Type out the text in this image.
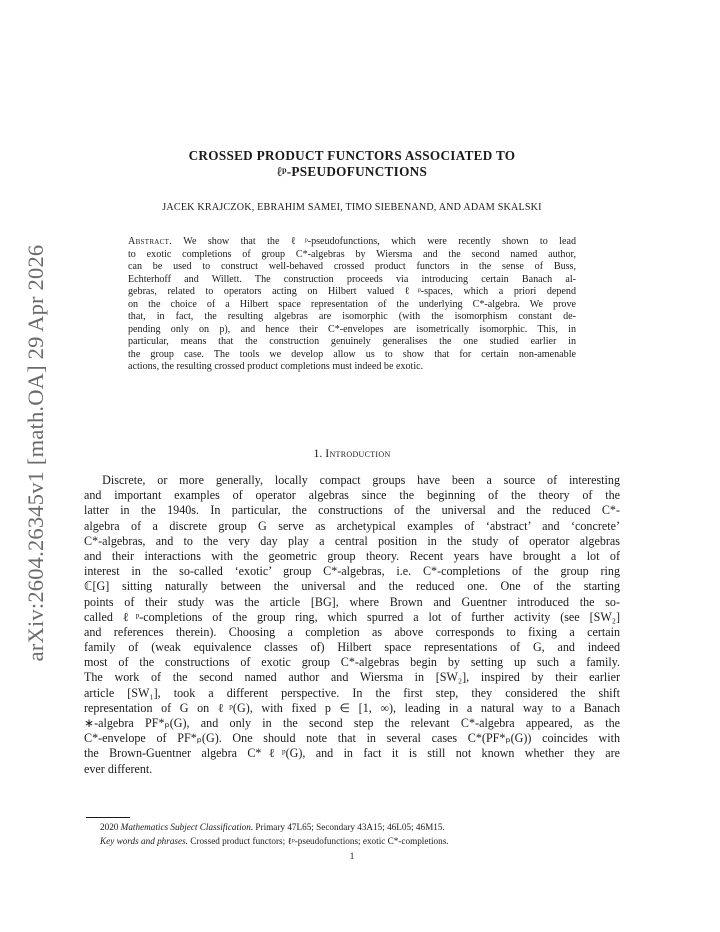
arXiv:2604.26345v1 [math.OA] 29 Apr 2026
CROSSED PRODUCT FUNCTORS ASSOCIATED TO
ℓᵖ-PSEUDOFUNCTIONS
JACEK KRAJCZOK, EBRAHIM SAMEI, TIMO SIEBENAND, AND ADAM SKALSKI
Abstract. We show that the ℓᵖ-pseudofunctions, which were recently shown to lead
to exotic completions of group C*-algebras by Wiersma and the second named author,
can be used to construct well-behaved crossed product functors in the sense of Buss,
Echterhoff and Willett. The construction proceeds via introducing certain Banach al-
gebras, related to operators acting on Hilbert valued ℓᵖ-spaces, which a priori depend
on the choice of a Hilbert space representation of the underlying C*-algebra. We prove
that, in fact, the resulting algebras are isomorphic (with the isomorphism constant de-
pending only on p), and hence their C*-envelopes are isometrically isomorphic. This, in
particular, means that the construction genuinely generalises the one studied earlier in
the group case. The tools we develop allow us to show that for certain non-amenable
actions, the resulting crossed product completions must indeed be exotic.
1. Introduction
  Discrete, or more generally, locally compact groups have been a source of interesting
and important examples of operator algebras since the beginning of the theory of the
latter in the 1940s. In particular, the constructions of the universal and the reduced C*-
algebra of a discrete group G serve as archetypical examples of ‘abstract’ and ‘concrete’
C*-algebras, and to the very day play a central position in the study of operator algebras
and their interactions with the geometric group theory. Recent years have brought a lot of
interest in the so-called ‘exotic’ group C*-algebras, i.e. C*-completions of the group ring
ℂ[G] sitting naturally between the universal and the reduced one. One of the starting
points of their study was the article [BG], where Brown and Guentner introduced the so-
called ℓᵖ-completions of the group ring, which spurred a lot of further activity (see [SW₂]
and references therein). Choosing a completion as above corresponds to fixing a certain
family of (weak equivalence classes of) Hilbert space representations of G, and indeed
most of the constructions of exotic group C*-algebras begin by setting up such a family.
The work of the second named author and Wiersma in [SW₂], inspired by their earlier
article [SW₁], took a different perspective. In the first step, they considered the shift
representation of G on ℓᵖ(G), with fixed p ∈ [1, ∞), leading in a natural way to a Banach
∗-algebra PF*ₚ(G), and only in the second step the relevant C*-algebra appeared, as the
C*-envelope of PF*ₚ(G). One should note that in several cases C*(PF*ₚ(G)) coincides with
the Brown-Guentner algebra C*ℓᵖ(G), and in fact it is still not known whether they are
ever different.
2020 Mathematics Subject Classification. Primary 47L65; Secondary 43A15; 46L05; 46M15.
Key words and phrases. Crossed product functors; ℓᵖ-pseudofunctions; exotic C*-completions.
1
